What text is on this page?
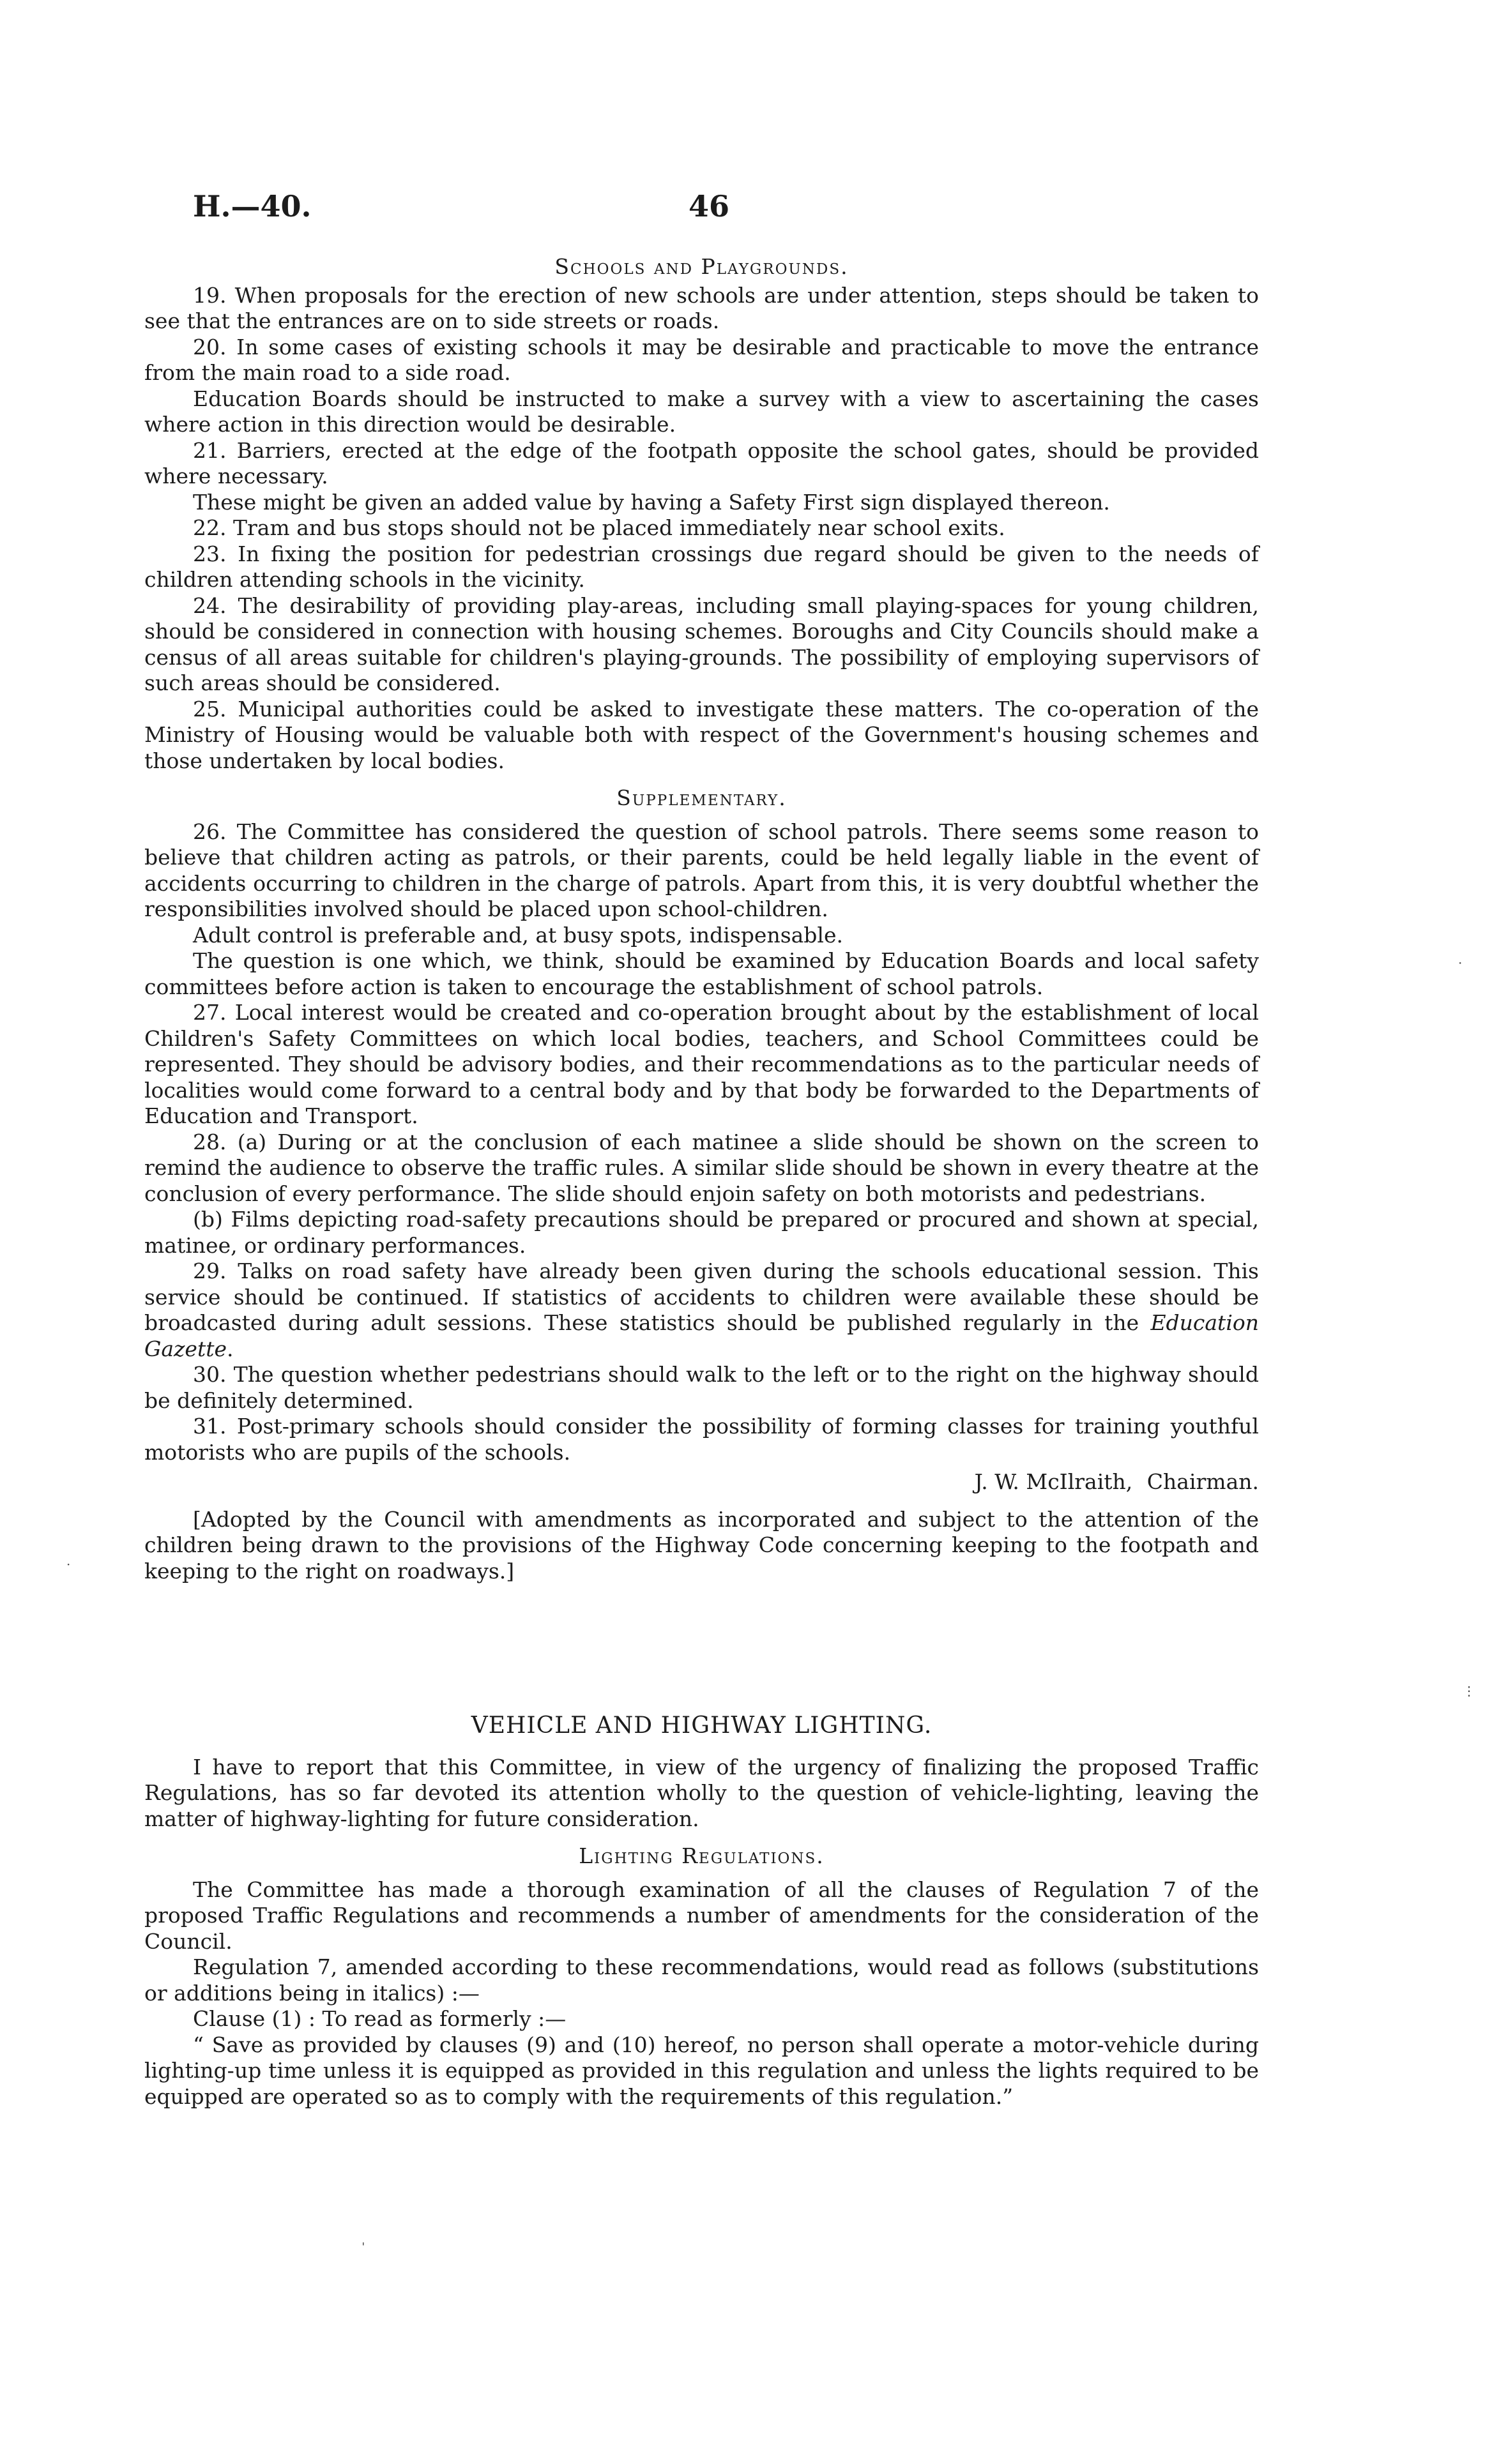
H.—40.	46
Schools and Playgrounds.

19. When proposals for the erection of new schools are under attention, steps should be taken to see that the entrances are on to side streets or roads.

20. In some cases of existing schools it may be desirable and practicable to move the entrance from the main road to a side road.

Education Boards should be instructed to make a survey with a view to ascertaining the cases where action in this direction would be desirable.

21. Barriers, erected at the edge of the footpath opposite the school gates, should be provided where necessary.

These might be given an added value by having a Safety First sign displayed thereon.

22. Tram and bus stops should not be placed immediately near school exits.

23. In fixing the position for pedestrian crossings due regard should be given to the needs of children attending schools in the vicinity.

24. The desirability of providing play-areas, including small playing-spaces for young children, should be considered in connection with housing schemes. Boroughs and City Councils should make a census of all areas suitable for children's playing-grounds. The possibility of employing supervisors of such areas should be considered.

25. Municipal authorities could be asked to investigate these matters. The co-operation of the Ministry of Housing would be valuable both with respect of the Government's housing schemes and those undertaken by local bodies.

Supplementary.

26. The Committee has considered the question of school patrols. There seems some reason to believe that children acting as patrols, or their parents, could be held legally liable in the event of accidents occurring to children in the charge of patrols. Apart from this, it is very doubtful whether the responsibilities involved should be placed upon school-children.

Adult control is preferable and, at busy spots, indispensable.

The question is one which, we think, should be examined by Education Boards and local safety committees before action is taken to encourage the establishment of school patrols.

27. Local interest would be created and co-operation brought about by the establishment of local Children's Safety Committees on which local bodies, teachers, and School Committees could be represented. They should be advisory bodies, and their recommendations as to the particular needs of localities would come forward to a central body and by that body be forwarded to the Departments of Education and Transport.

28. (a) During or at the conclusion of each matinee a slide should be shown on the screen to remind the audience to observe the traffic rules. A similar slide should be shown in every theatre at the conclusion of every performance. The slide should enjoin safety on both motorists and pedestrians.

(b) Films depicting road-safety precautions should be prepared or procured and shown at special, matinee, or ordinary performances.

29. Talks on road safety have already been given during the schools educational session. This service should be continued. If statistics of accidents to children were available these should be broadcasted during adult sessions. These statistics should be published regularly in the Education Gazette.

30. The question whether pedestrians should walk to the left or to the right on the highway should be definitely determined.

31. Post-primary schools should consider the possibility of forming classes for training youthful motorists who are pupils of the schools.

J. W. McIlraith, Chairman.

[Adopted by the Council with amendments as incorporated and subject to the attention of the children being drawn to the provisions of the Highway Code concerning keeping to the footpath and keeping to the right on roadways.]

VEHICLE AND HIGHWAY LIGHTING.

I have to report that this Committee, in view of the urgency of finalizing the proposed Traffic Regulations, has so far devoted its attention wholly to the question of vehicle-lighting, leaving the matter of highway-lighting for future consideration.

Lighting Regulations.

The Committee has made a thorough examination of all the clauses of Regulation 7 of the proposed Traffic Regulations and recommends a number of amendments for the consideration of the Council.

Regulation 7, amended according to these recommendations, would read as follows (substitutions or additions being in italics) :—

Clause (1) : To read as formerly :—

“ Save as provided by clauses (9) and (10) hereof, no person shall operate a motor-vehicle during lighting-up time unless it is equipped as provided in this regulation and unless the lights required to be equipped are operated so as to comply with the requirements of this regulation.”

·
·
⋮
ˈ
